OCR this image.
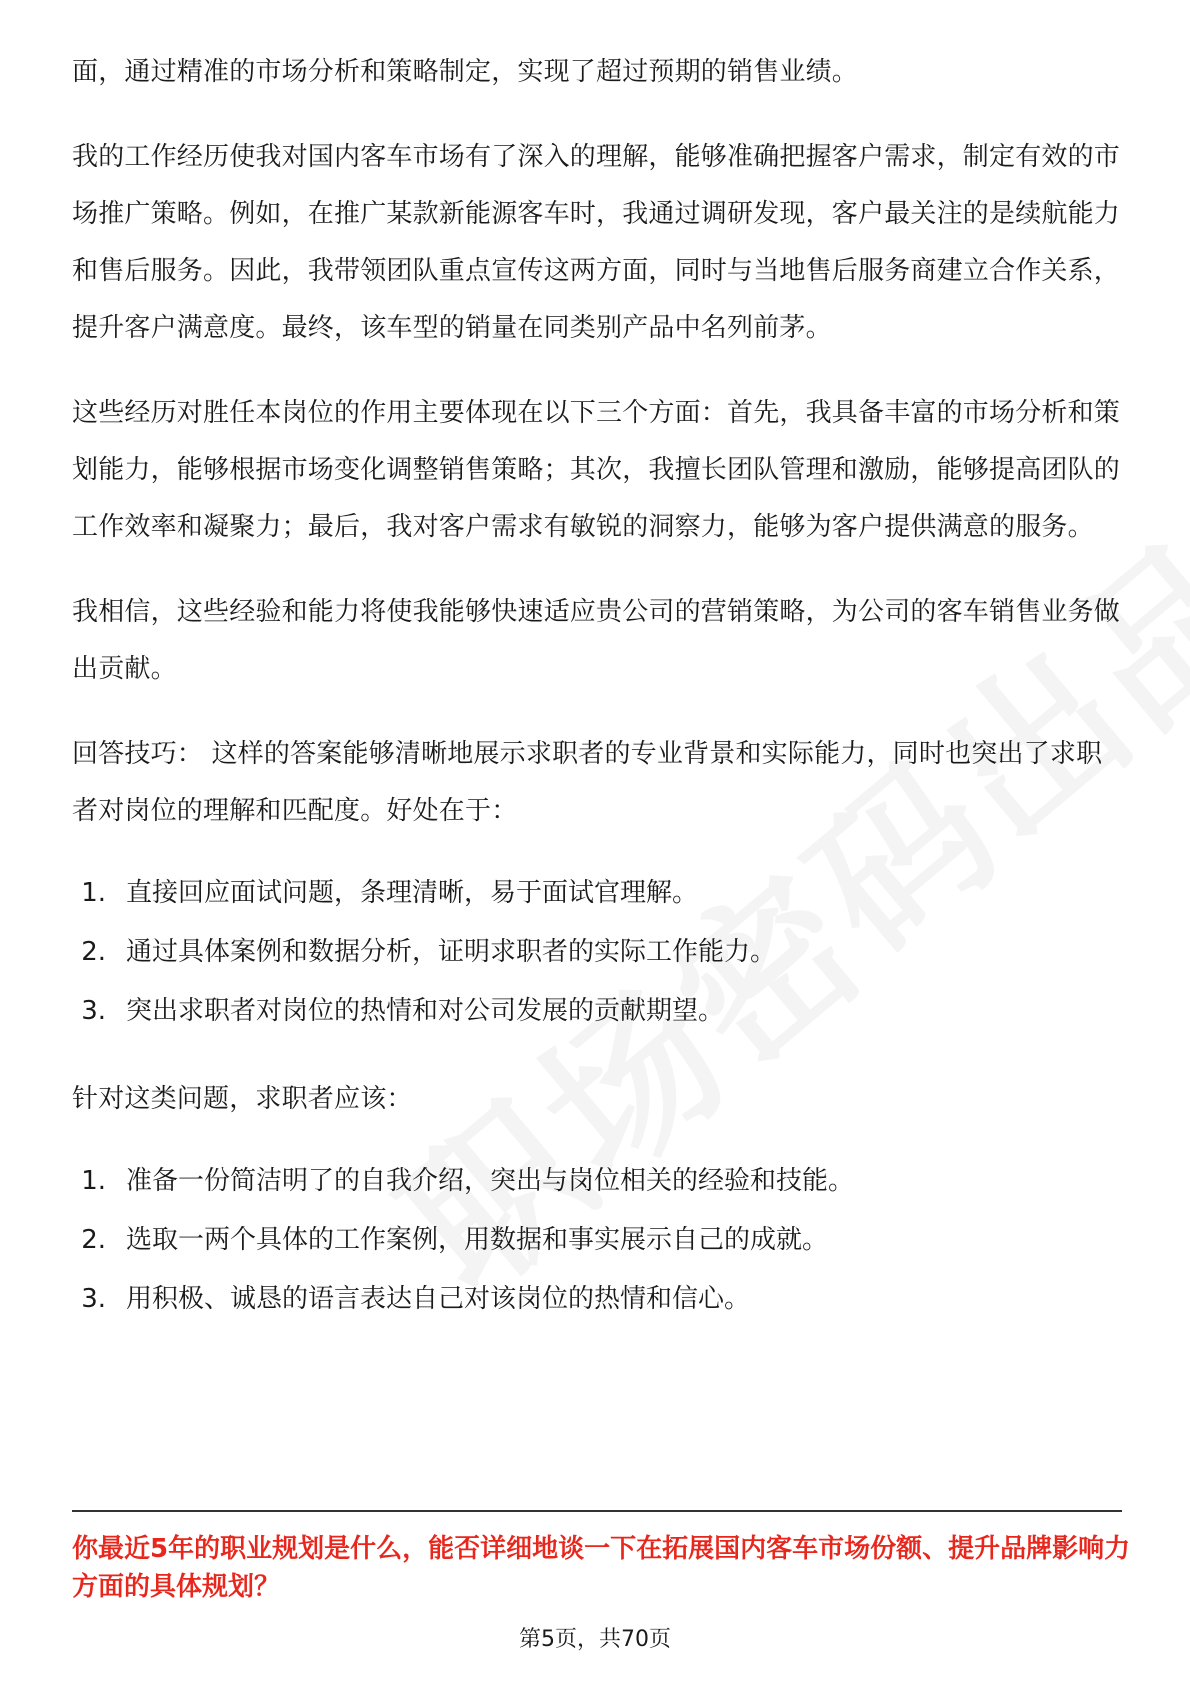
面，通过精准的市场分析和策略制定，实现了超过预期的销售业绩。

我的工作经历使我对国内客车市场有了深入的理解，能够准确把握客户需求，制定有效的市场推广策略。例如，在推广某款新能源客车时，我通过调研发现，客户最关注的是续航能力和售后服务。因此，我带领团队重点宣传这两方面，同时与当地售后服务商建立合作关系，提升客户满意度。最终，该车型的销量在同类别产品中名列前茅。

这些经历对胜任本岗位的作用主要体现在以下三个方面：首先，我具备丰富的市场分析和策划能力，能够根据市场变化调整销售策略；其次，我擅长团队管理和激励，能够提高团队的工作效率和凝聚力；最后，我对客户需求有敏锐的洞察力，能够为客户提供满意的服务。

我相信，这些经验和能力将使我能够快速适应贵公司的营销策略，为公司的客车销售业务做出贡献。

回答技巧： 这样的答案能够清晰地展示求职者的专业背景和实际能力，同时也突出了求职者对岗位的理解和匹配度。好处在于：

1. 直接回应面试问题，条理清晰，易于面试官理解。
2. 通过具体案例和数据分析，证明求职者的实际工作能力。
3. 突出求职者对岗位的热情和对公司发展的贡献期望。

针对这类问题，求职者应该：

1. 准备一份简洁明了的自我介绍，突出与岗位相关的经验和技能。
2. 选取一两个具体的工作案例，用数据和事实展示自己的成就。
3. 用积极、诚恳的语言表达自己对该岗位的热情和信心。
你最近5年的职业规划是什么，能否详细地谈一下在拓展国内客车市场份额、提升品牌影响力方面的具体规划？
第5页，共70页
